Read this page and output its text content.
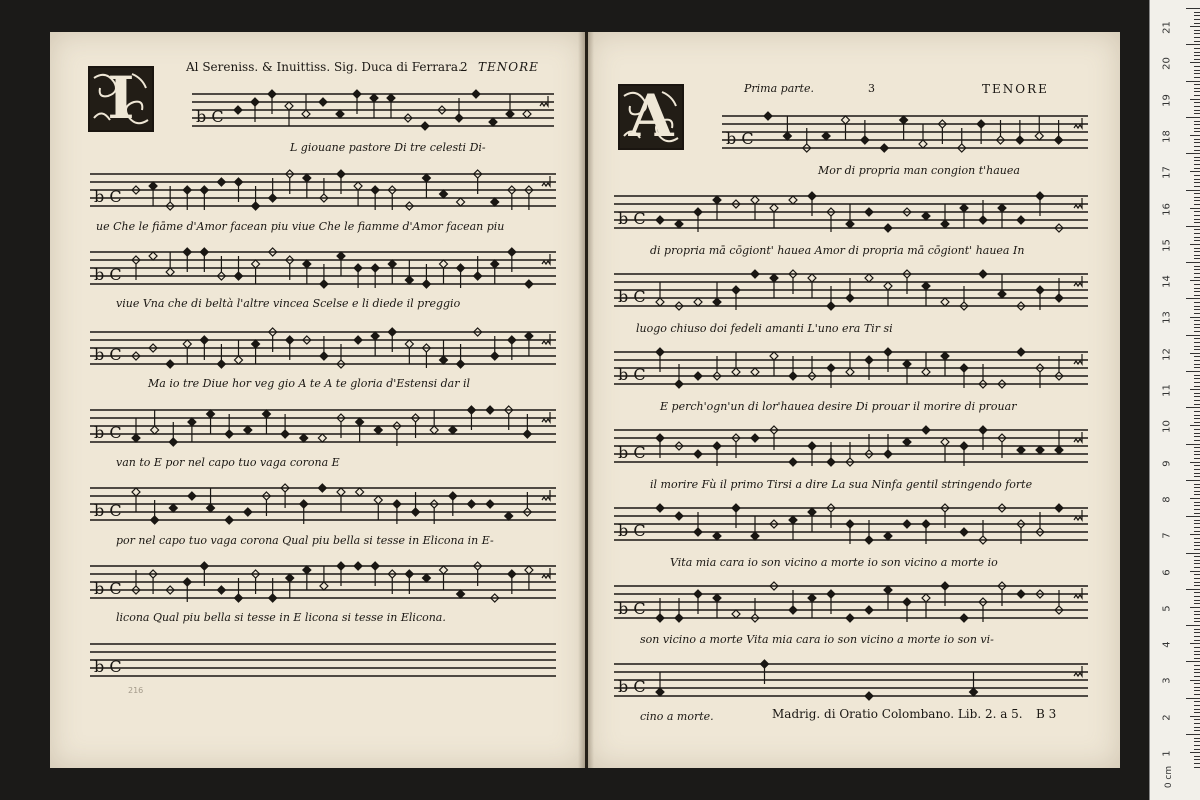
I	Al Sereniss. & Inuittiss. Sig. Duca di Ferrara.
2 TENORE
A	Prima parte.	3	TENORE
b C
b C
b C
b C
b C
b C
b C
b C
b C
b C
b C
b C
b C
b C
b C
b C
L giouane pastore Di tre celesti Di-
ue Che le fiāme d'Amor facean piu viue Che le fiamme d'Amor facean piu
viue Vna che di beltà l'altre vincea Scelse e li diede il preggio
Ma io tre Diue hor veg gio A te A te gloria d'Estensi dar il
van to E por nel capo tuo vaga corona E
por nel capo tuo vaga corona Qual piu bella si tesse in Elicona in E-
licona Qual piu bella si tesse in E licona si tesse in Elicona.
216
Mor di propria man congion t'hauea
di propria mā cōgiont' haueа Amor di propria mā cōgiont' haueа In
luogo chiuso doi fedeli amanti L'uno era Tir si
E perch'ogn'un di lor'haueа desire Di prouar il morire di prouar
il morire Fù il primo Tirsi a dire La sua Ninfa gentil stringendo forte
Vita mia cara io son vicino a morte io son vicino a morte io
son vicino a morte Vita mia cara io son vicino a morte io son vi-
cino a morte.	Madrig. di Oratio Colombano. Lib. 2. a 5. B 3
21
20
19
18
17
16
15
14
13
12
11
10
9
8
7
6
5
4
3
2
1
0 cm
